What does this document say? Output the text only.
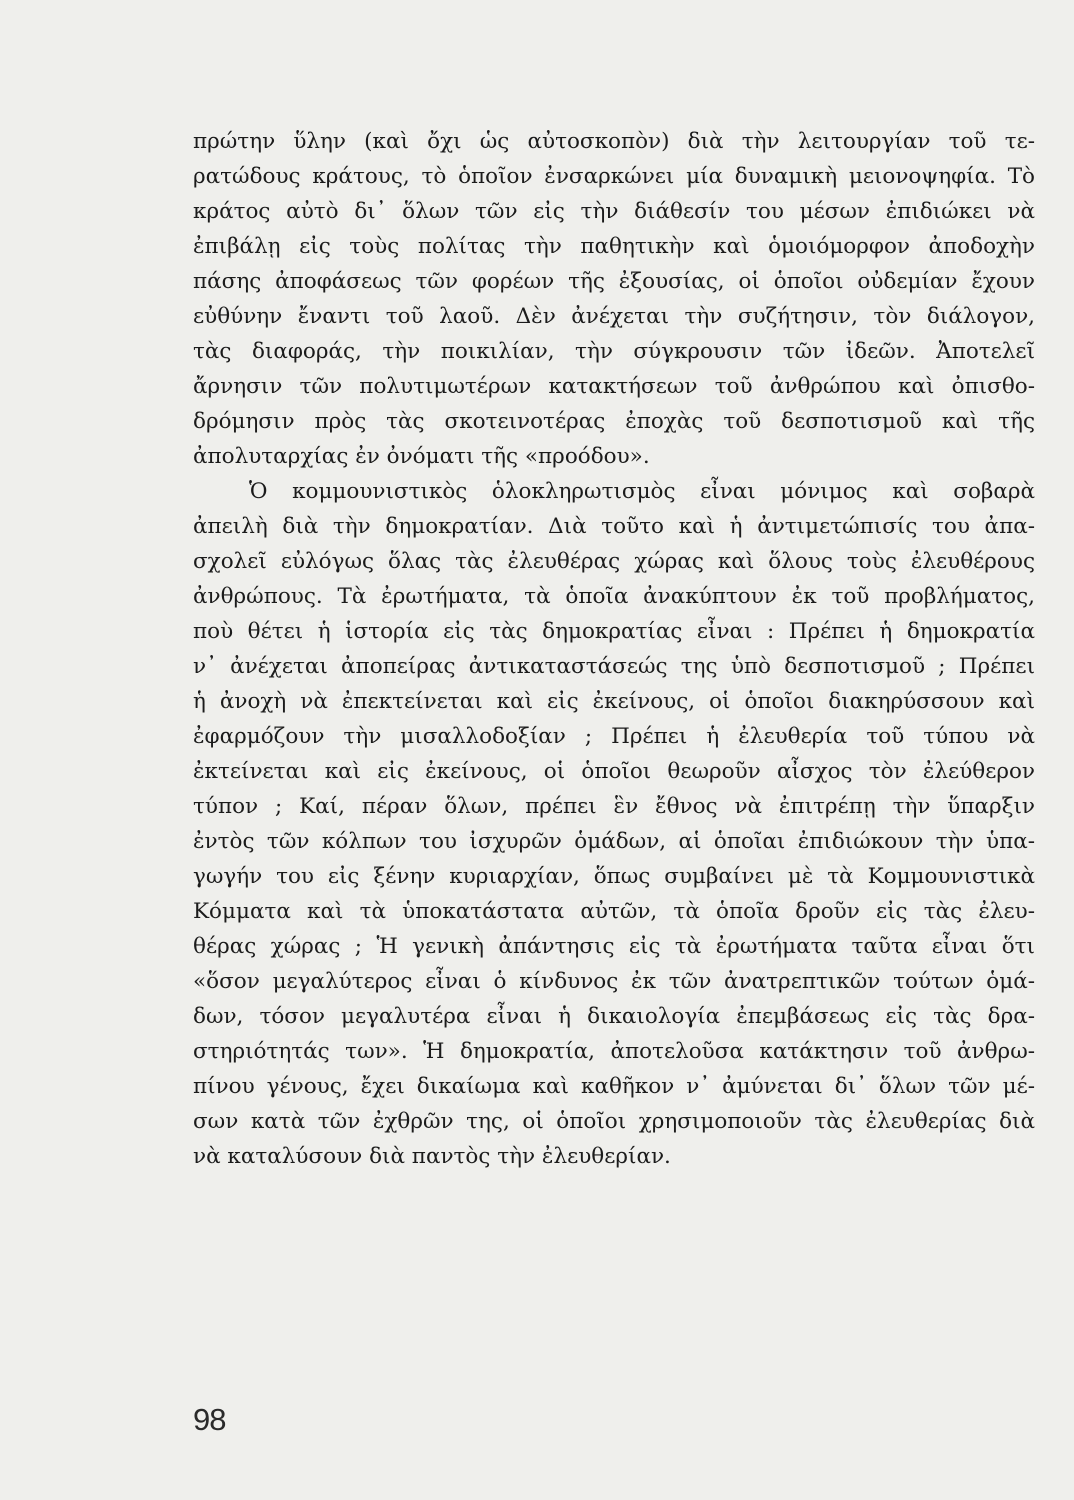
πρώτην ὕλην (καὶ ὄχι ὡς αὐτοσκοπὸν) διὰ τὴν λειτουργίαν τοῦ τε-
ρατώδους κράτους, τὸ ὁποῖον ἐνσαρκώνει μία δυναμικὴ μειονοψηφία. Τὸ
κράτος αὐτὸ δι᾽ ὅλων τῶν εἰς τὴν διάθεσίν του μέσων ἐπιδιώκει νὰ
ἐπιβάλῃ εἰς τοὺς πολίτας τὴν παθητικὴν καὶ ὁμοιόμορφον ἀποδοχὴν
πάσης ἀποφάσεως τῶν φορέων τῆς ἐξουσίας, οἱ ὁποῖοι οὐδεμίαν ἔχουν
εὐθύνην ἔναντι τοῦ λαοῦ. Δὲν ἀνέχεται τὴν συζήτησιν, τὸν διάλογον,
τὰς διαφοράς, τὴν ποικιλίαν, τὴν σύγκρουσιν τῶν ἰδεῶν. Ἀποτελεῖ
ἄρνησιν τῶν πολυτιμωτέρων κατακτήσεων τοῦ ἀνθρώπου καὶ ὀπισθο-
δρόμησιν πρὸς τὰς σκοτεινοτέρας ἐποχὰς τοῦ δεσποτισμοῦ καὶ τῆς
ἀπολυταρχίας ἐν ὀνόματι τῆς «προόδου».
Ὁ κομμουνιστικὸς ὁλοκληρωτισμὸς εἶναι μόνιμος καὶ σοβαρὰ
ἀπειλὴ διὰ τὴν δημοκρατίαν. Διὰ τοῦτο καὶ ἡ ἀντιμετώπισίς του ἀπα-
σχολεῖ εὐλόγως ὅλας τὰς ἐλευθέρας χώρας καὶ ὅλους τοὺς ἐλευθέρους
ἀνθρώπους. Τὰ ἐρωτήματα, τὰ ὁποῖα ἀνακύπτουν ἐκ τοῦ προβλήματος,
ποὺ θέτει ἡ ἱστορία εἰς τὰς δημοκρατίας εἶναι : Πρέπει ἡ δημοκρατία
ν᾽ ἀνέχεται ἀποπείρας ἀντικαταστάσεώς της ὑπὸ δεσποτισμοῦ ; Πρέπει
ἡ ἀνοχὴ νὰ ἐπεκτείνεται καὶ εἰς ἐκείνους, οἱ ὁποῖοι διακηρύσσουν καὶ
ἐφαρμόζουν τὴν μισαλλοδοξίαν ; Πρέπει ἡ ἐλευθερία τοῦ τύπου νὰ
ἐκτείνεται καὶ εἰς ἐκείνους, οἱ ὁποῖοι θεωροῦν αἶσχος τὸν ἐλεύθερον
τύπον ; Καί, πέραν ὅλων, πρέπει ἓν ἔθνος νὰ ἐπιτρέπῃ τὴν ὕπαρξιν
ἐντὸς τῶν κόλπων του ἰσχυρῶν ὁμάδων, αἱ ὁποῖαι ἐπιδιώκουν τὴν ὑπα-
γωγήν του εἰς ξένην κυριαρχίαν, ὅπως συμβαίνει μὲ τὰ Κομμουνιστικὰ
Κόμματα καὶ τὰ ὑποκατάστατα αὐτῶν, τὰ ὁποῖα δροῦν εἰς τὰς ἐλευ-
θέρας χώρας ; Ἡ γενικὴ ἀπάντησις εἰς τὰ ἐρωτήματα ταῦτα εἶναι ὅτι
«ὅσον μεγαλύτερος εἶναι ὁ κίνδυνος ἐκ τῶν ἀνατρεπτικῶν τούτων ὁμά-
δων, τόσον μεγαλυτέρα εἶναι ἡ δικαιολογία ἐπεμβάσεως εἰς τὰς δρα-
στηριότητάς των». Ἡ δημοκρατία, ἀποτελοῦσα κατάκτησιν τοῦ ἀνθρω-
πίνου γένους, ἔχει δικαίωμα καὶ καθῆκον ν᾽ ἀμύνεται δι᾽ ὅλων τῶν μέ-
σων κατὰ τῶν ἐχθρῶν της, οἱ ὁποῖοι χρησιμοποιοῦν τὰς ἐλευθερίας διὰ
νὰ καταλύσουν διὰ παντὸς τὴν ἐλευθερίαν.
98
